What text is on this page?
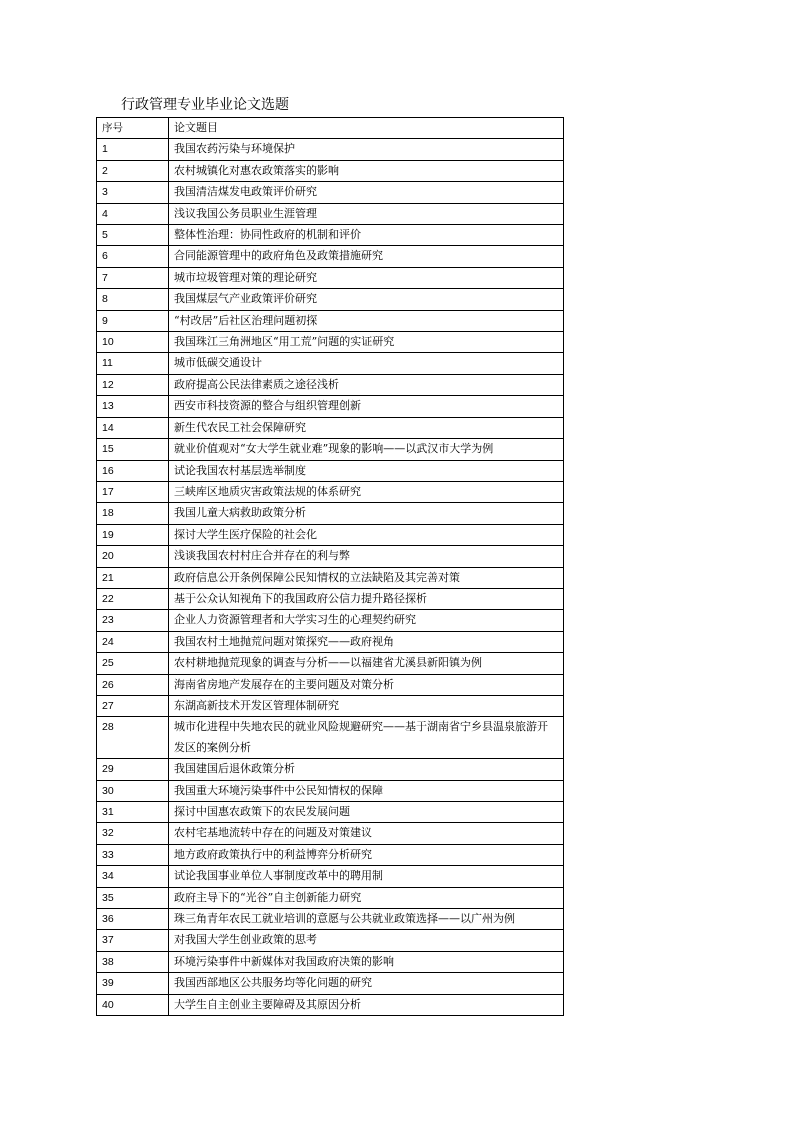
行政管理专业毕业论文选题
序号	论文题目
1	我国农药污染与环境保护
2	农村城镇化对惠农政策落实的影响
3	我国清洁煤发电政策评价研究
4	浅议我国公务员职业生涯管理
5	整体性治理：协同性政府的机制和评价
6	合同能源管理中的政府角色及政策措施研究
7	城市垃圾管理对策的理论研究
8	我国煤层气产业政策评价研究
9	“村改居”后社区治理问题初探
10	我国珠江三角洲地区“用工荒”问题的实证研究
11	城市低碳交通设计
12	政府提高公民法律素质之途径浅析
13	西安市科技资源的整合与组织管理创新
14	新生代农民工社会保障研究
15	就业价值观对“女大学生就业难”现象的影响——以武汉市大学为例
16	试论我国农村基层选举制度
17	三峡库区地质灾害政策法规的体系研究
18	我国儿童大病救助政策分析
19	探讨大学生医疗保险的社会化
20	浅谈我国农村村庄合并存在的利与弊
21	政府信息公开条例保障公民知情权的立法缺陷及其完善对策
22	基于公众认知视角下的我国政府公信力提升路径探析
23	企业人力资源管理者和大学实习生的心理契约研究
24	我国农村土地抛荒问题对策探究——政府视角
25	农村耕地抛荒现象的调查与分析——以福建省尤溪县新阳镇为例
26	海南省房地产发展存在的主要问题及对策分析
27	东湖高新技术开发区管理体制研究
28	城市化进程中失地农民的就业风险规避研究——基于湖南省宁乡县温泉旅游开发区的案例分析
29	我国建国后退休政策分析
30	我国重大环境污染事件中公民知情权的保障
31	探讨中国惠农政策下的农民发展问题
32	农村宅基地流转中存在的问题及对策建议
33	地方政府政策执行中的利益博弈分析研究
34	试论我国事业单位人事制度改革中的聘用制
35	政府主导下的“光谷”自主创新能力研究
36	珠三角青年农民工就业培训的意愿与公共就业政策选择——以广州为例
37	对我国大学生创业政策的思考
38	环境污染事件中新媒体对我国政府决策的影响
39	我国西部地区公共服务均等化问题的研究
40	大学生自主创业主要障碍及其原因分析
